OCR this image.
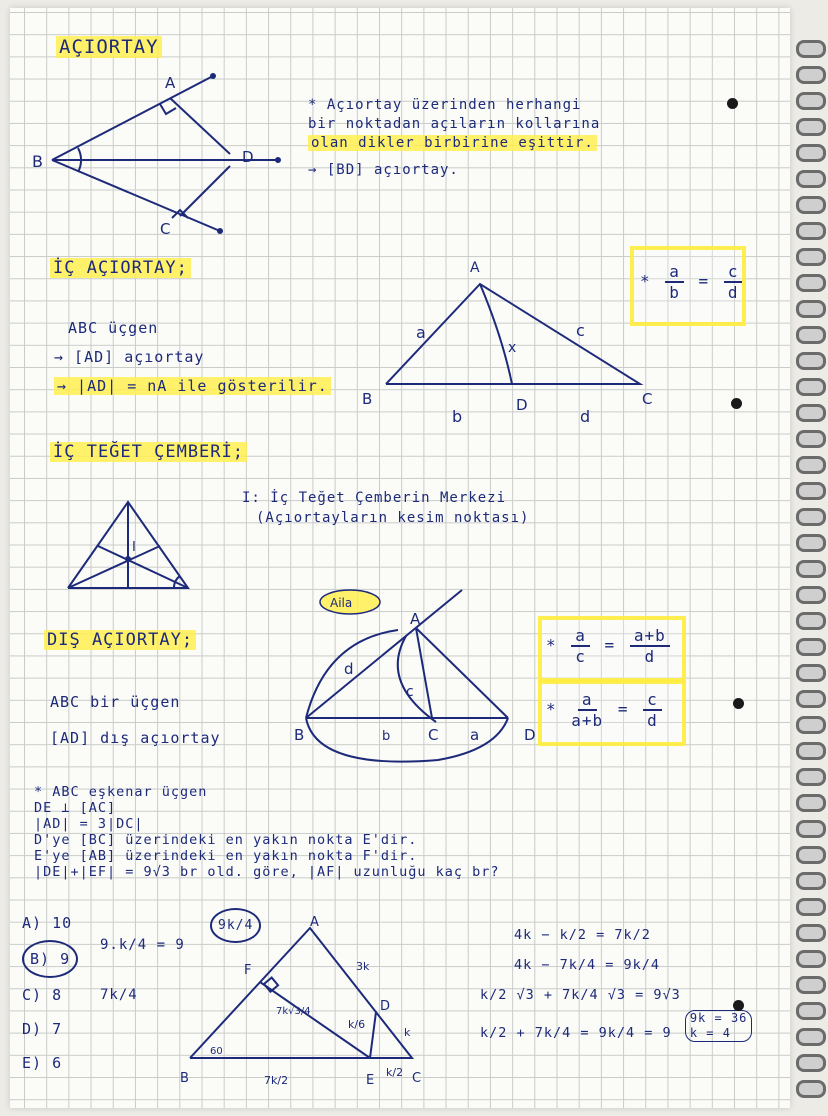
AÇIORTAY
A
B
C
D
* Açıortay üzerinden herhangi
bir noktadan açıların kollarına
olan dikler birbirine eşittir.
→ [BD] açıortay.
İÇ AÇIORTAY;
ABC üçgen
→ [AD] açıortay
→ |AD| = nA ile gösterilir.
A
B	C
D
a	c
x
b	d
* $\frac{a}{b} = \frac{c}{d}$
İÇ TEĞET ÇEMBERİ;
I: İç Teğet Çemberin Merkezi
(Açıortayların kesim noktası)
I
DIŞ AÇIORTAY;
ABC bir üçgen
[AD] dış açıortay
Aila
A
B	C	D
d
c
b	a
* $\frac{a}{c} = \frac{a+b}{d}$
* $\frac{a}{a+b} = \frac{c}{d}$
* ABC eşkenar üçgen
DE ⊥ [AC]
|AD| = 3|DC|
D'ye [BC] üzerindeki en yakın nokta E'dir.
E'ye [AB] üzerindeki en yakın nokta F'dir.
|DE|+|EF| = 9√3 br old. göre, |AF| uzunluğu kaç br?
A) 10
B) 9
C) 8
D) 7
E) 6
9.k/4 = 9
7k/4
9k/4	A
B	C
E
D
F
k/6
k/2
7k/2
3k
k
60
7k√3/4
4k − k/2 = 7k/2
4k − 7k/4 = 9k/4
k/2 √3 + 7k/4 √3 = 9√3
k/2 + 7k/4 = 9k/4 = 9 9k = 36
k = 4
